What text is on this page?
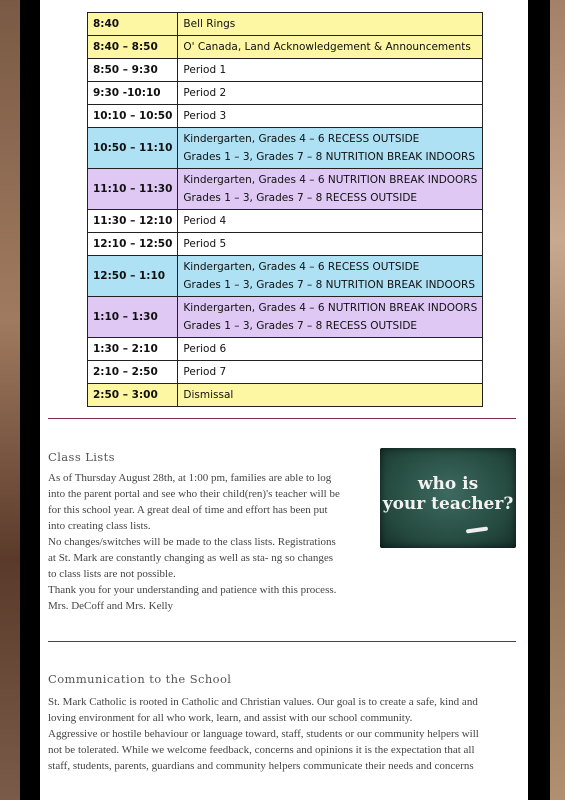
8:40	Bell Rings

8:40 – 8:50	O' Canada, Land Acknowledgement & Announcements

8:50 – 9:30	Period 1

9:30 -10:10	Period 2

10:10 – 10:50	Period 3

10:50 – 11:10	Kindergarten, Grades 4 – 6 RECESS OUTSIDE
Grades 1 – 3, Grades 7 – 8 NUTRITION BREAK INDOORS

11:10 – 11:30	Kindergarten, Grades 4 – 6 NUTRITION BREAK INDOORS
Grades 1 – 3, Grades 7 – 8 RECESS OUTSIDE

11:30 – 12:10	Period 4

12:10 – 12:50	Period 5

12:50 – 1:10	Kindergarten, Grades 4 – 6 RECESS OUTSIDE
Grades 1 – 3, Grades 7 – 8 NUTRITION BREAK INDOORS

1:10 – 1:30	Kindergarten, Grades 4 – 6 NUTRITION BREAK INDOORS
Grades 1 – 3, Grades 7 – 8 RECESS OUTSIDE

1:30 – 2:10	Period 6

2:10 – 2:50	Period 7

2:50 – 3:00	Dismissal
Class Lists
As of Thursday August 28th, at 1:00 pm, families are able to log
into the parent portal and see who their child(ren)'s teacher will be
for this school year. A great deal of time and effort has been put
into creating class lists.
No changes/switches will be made to the class lists. Registrations
at St. Mark are constantly changing as well as sta- ng so changes
to class lists are not possible.
Thank you for your understanding and patience with this process.
Mrs. DeCoff and Mrs. Kelly
who is
your teacher?
Communication to the School
St. Mark Catholic is rooted in Catholic and Christian values. Our goal is to create a safe, kind and
loving environment for all who work, learn, and assist with our school community.
Aggressive or hostile behaviour or language toward, staff, students or our community helpers will
not be tolerated. While we welcome feedback, concerns and opinions it is the expectation that all
staff, students, parents, guardians and community helpers communicate their needs and concerns
